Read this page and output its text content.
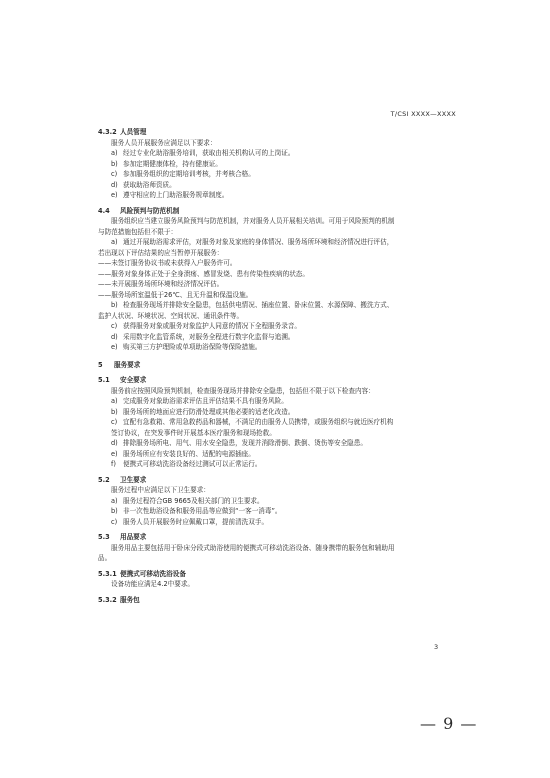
T/CSI XXXX—XXXX
4.3.2 人员管理
服务人员开展服务应满足以下要求：
a) 经过专业化助浴服务培训，获取由相关机构认可的上岗证。
b) 参加定期健康体检，持有健康证。
c) 参加服务组织的定期培训考核，并考核合格。
d) 获取助浴师资质。
e) 遵守相应的上门助浴服务规章制度。
4.4 风险预判与防范机制
服务组织应当建立服务风险预判与防范机制，并对服务人员开展相关培训。可用于风险预判的机制
与防范措施包括但不限于：
a) 通过开展助浴需求评估，对服务对象及家庭的身体情况、服务场所环境和经济情况进行评估，
若出现以下评估结果的应当暂停开展服务：
——未签订服务协议书或未获得入户服务许可。
——服务对象身体正处于全身溃疡、感冒发烧、患有传染性疾病的状态。
——未开展服务场所环境和经济情况评估。
——服务场所室温低于26℃、且无升温和保温设施。
b) 检查服务现场并排除安全隐患，包括供电情况、插座位置、卧床位置、水源保障、搬洗方式、
监护人状况、环境状况、空间状况、通讯条件等。
c) 获得服务对象或服务对象监护人同意的情况下全程服务录音。
d) 采用数字化监管系统，对服务全程进行数字化监督与追溯。
e) 购买第三方护理险或单项助浴保险等保险措施。
5 服务要求
5.1 安全要求
服务前应按照风险预判机制，检查服务现场并排除安全隐患，包括但不限于以下检查内容：
a) 完成服务对象助浴需求评估且评估结果不具有服务风险。
b) 服务场所的地面应进行防滑处理或其他必要的适老化改造。
c) 宜配有急救箱、常用急救药品和器械，不满足的由服务人员携带，或服务组织与就近医疗机构
签订协议，在突发事件时开展基本医疗服务和现场抢救。
d) 排除服务场所电、用气、用水安全隐患，发现并消除滑倒、跌倒、烫伤等安全隐患。
e) 服务场所应有安装良好的、适配的电源插座。
f) 便携式可移动洗浴设备经过测试可以正常运行。
5.2 卫生要求
服务过程中应满足以下卫生要求：
a) 服务过程符合GB 9665及相关部门的卫生要求。
b) 非一次性助浴设备和服务用品等应做到“一客一消毒”。
c) 服务人员开展服务时应佩戴口罩，提前清洗双手。
5.3 用品要求
服务用品主要包括用于卧床分段式助浴使用的便携式可移动洗浴设备、随身携带的服务包和辅助用
品。
5.3.1 便携式可移动洗浴设备
设备功能应满足4.2中要求。
5.3.2 服务包
3
— 9 —
